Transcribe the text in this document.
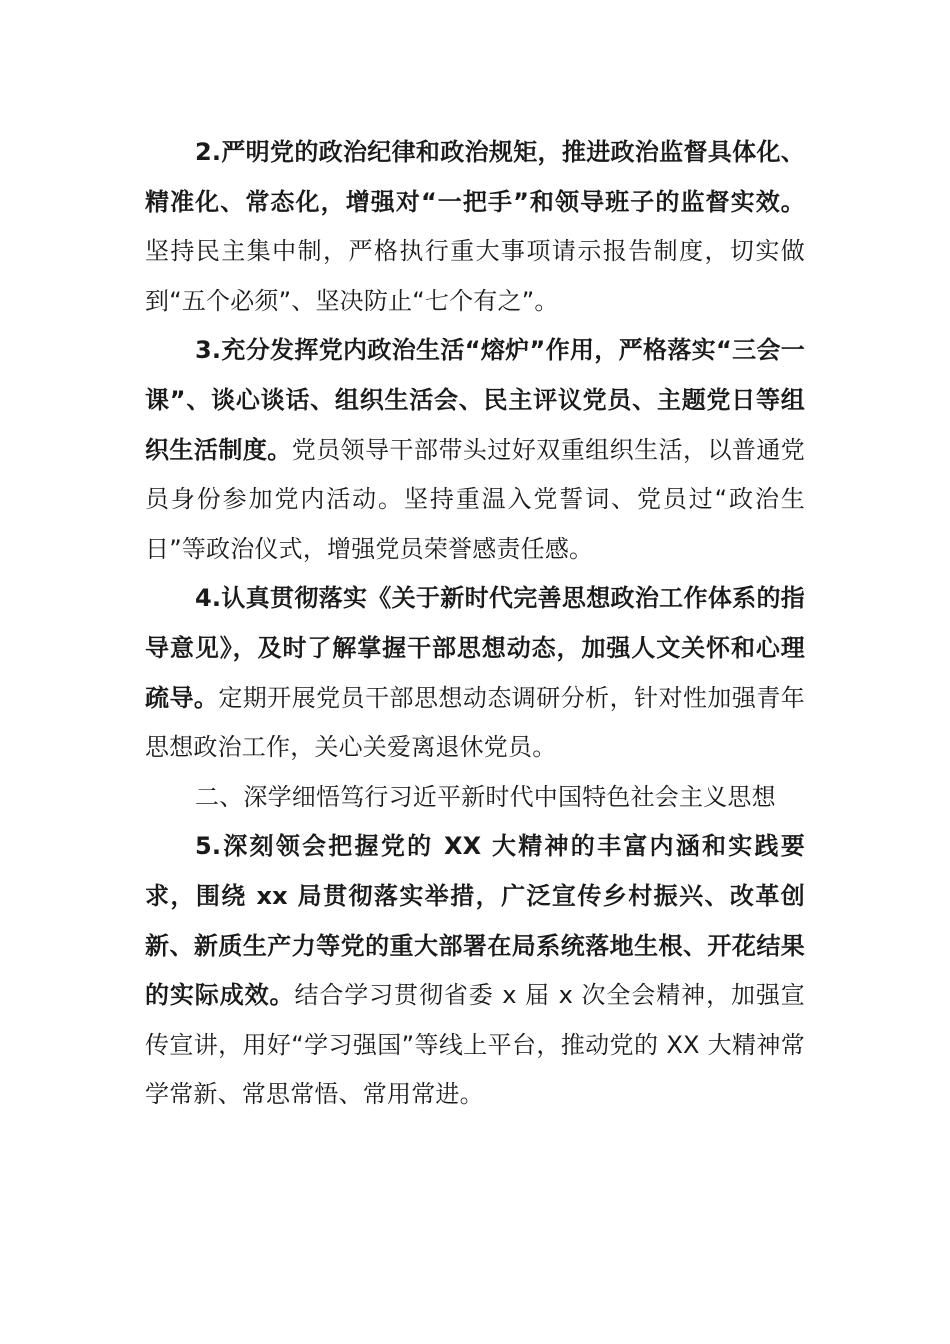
2.严明党的政治纪律和政治规矩，推进政治监督具体化、精准化、常态化，增强对“一把手”和领导班子的监督实效。坚持民主集中制，严格执行重大事项请示报告制度，切实做到“五个必须”、坚决防止“七个有之”。

3.充分发挥党内政治生活“熔炉”作用，严格落实“三会一课”、谈心谈话、组织生活会、民主评议党员、主题党日等组织生活制度。党员领导干部带头过好双重组织生活，以普通党员身份参加党内活动。坚持重温入党誓词、党员过“政治生日”等政治仪式，增强党员荣誉感责任感。

4.认真贯彻落实《关于新时代完善思想政治工作体系的指导意见》，及时了解掌握干部思想动态，加强人文关怀和心理疏导。定期开展党员干部思想动态调研分析，针对性加强青年思想政治工作，关心关爱离退休党员。

二、深学细悟笃行习近平新时代中国特色社会主义思想

5.深刻领会把握党的 XX 大精神的丰富内涵和实践要求，围绕 xx 局贯彻落实举措，广泛宣传乡村振兴、改革创新、新质生产力等党的重大部署在局系统落地生根、开花结果的实际成效。结合学习贯彻省委 x 届 x 次全会精神，加强宣传宣讲，用好“学习强国”等线上平台，推动党的 XX 大精神常学常新、常思常悟、常用常进。
